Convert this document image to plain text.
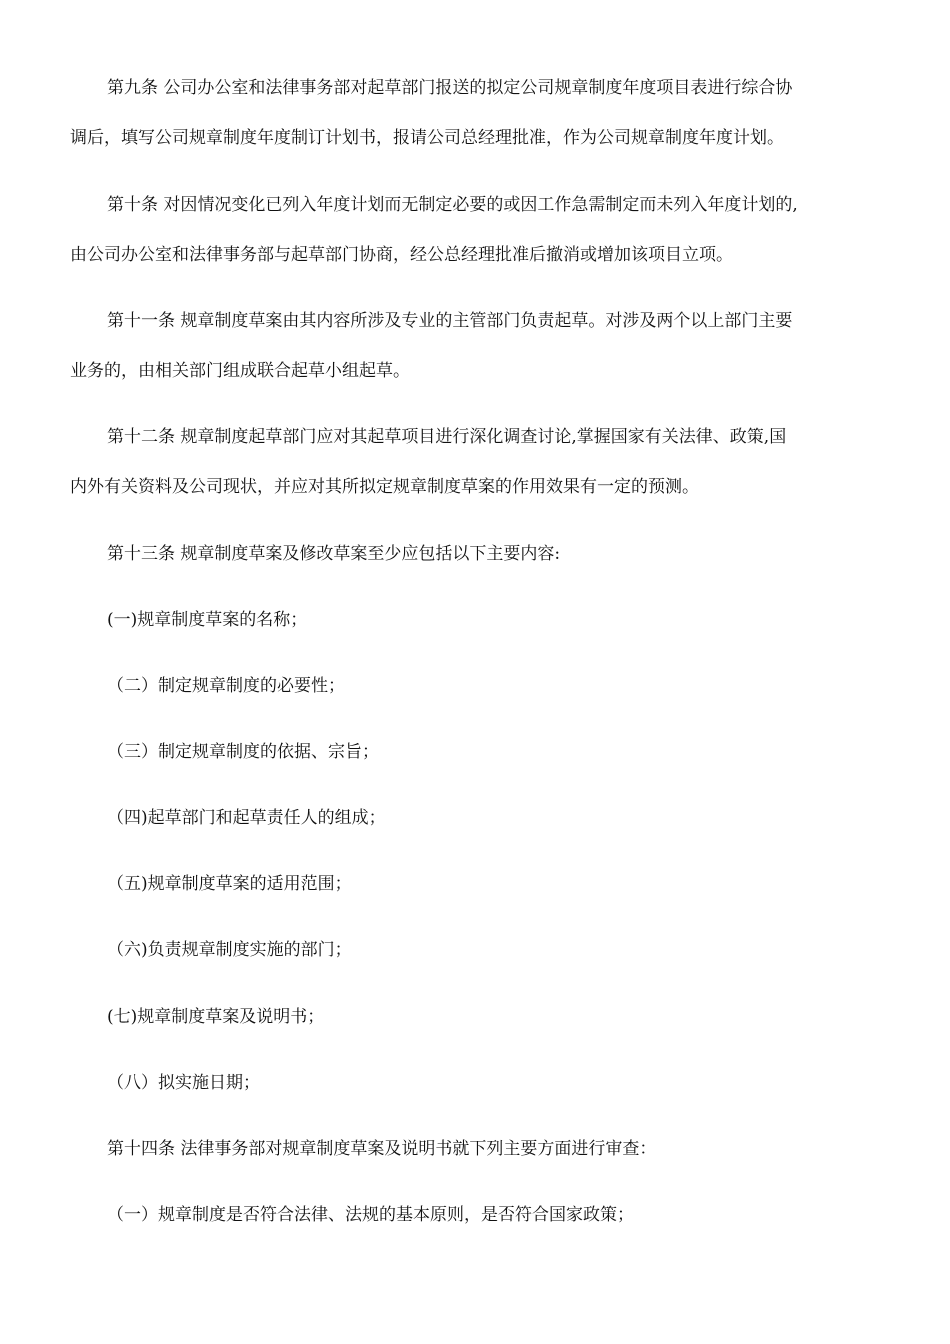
第九条 公司办公室和法律事务部对起草部门报送的拟定公司规章制度年度项目表进行综合协

调后，填写公司规章制度年度制订计划书，报请公司总经理批准，作为公司规章制度年度计划。

第十条 对因情况变化已列入年度计划而无制定必要的或因工作急需制定而未列入年度计划的,

由公司办公室和法律事务部与起草部门协商，经公总经理批准后撤消或增加该项目立项。

第十一条 规章制度草案由其内容所涉及专业的主管部门负责起草。对涉及两个以上部门主要

业务的，由相关部门组成联合起草小组起草。

第十二条 规章制度起草部门应对其起草项目进行深化调查讨论,掌握国家有关法律、政策,国

内外有关资料及公司现状，并应对其所拟定规章制度草案的作用效果有一定的预测。

第十三条 规章制度草案及修改草案至少应包括以下主要内容:

(一)规章制度草案的名称；

（二）制定规章制度的必要性；

（三）制定规章制度的依据、宗旨；

（四)起草部门和起草责任人的组成；

（五)规章制度草案的适用范围；

（六)负责规章制度实施的部门；

(七)规章制度草案及说明书；

（八）拟实施日期；

第十四条 法律事务部对规章制度草案及说明书就下列主要方面进行审查：

（一）规章制度是否符合法律、法规的基本原则，是否符合国家政策；
